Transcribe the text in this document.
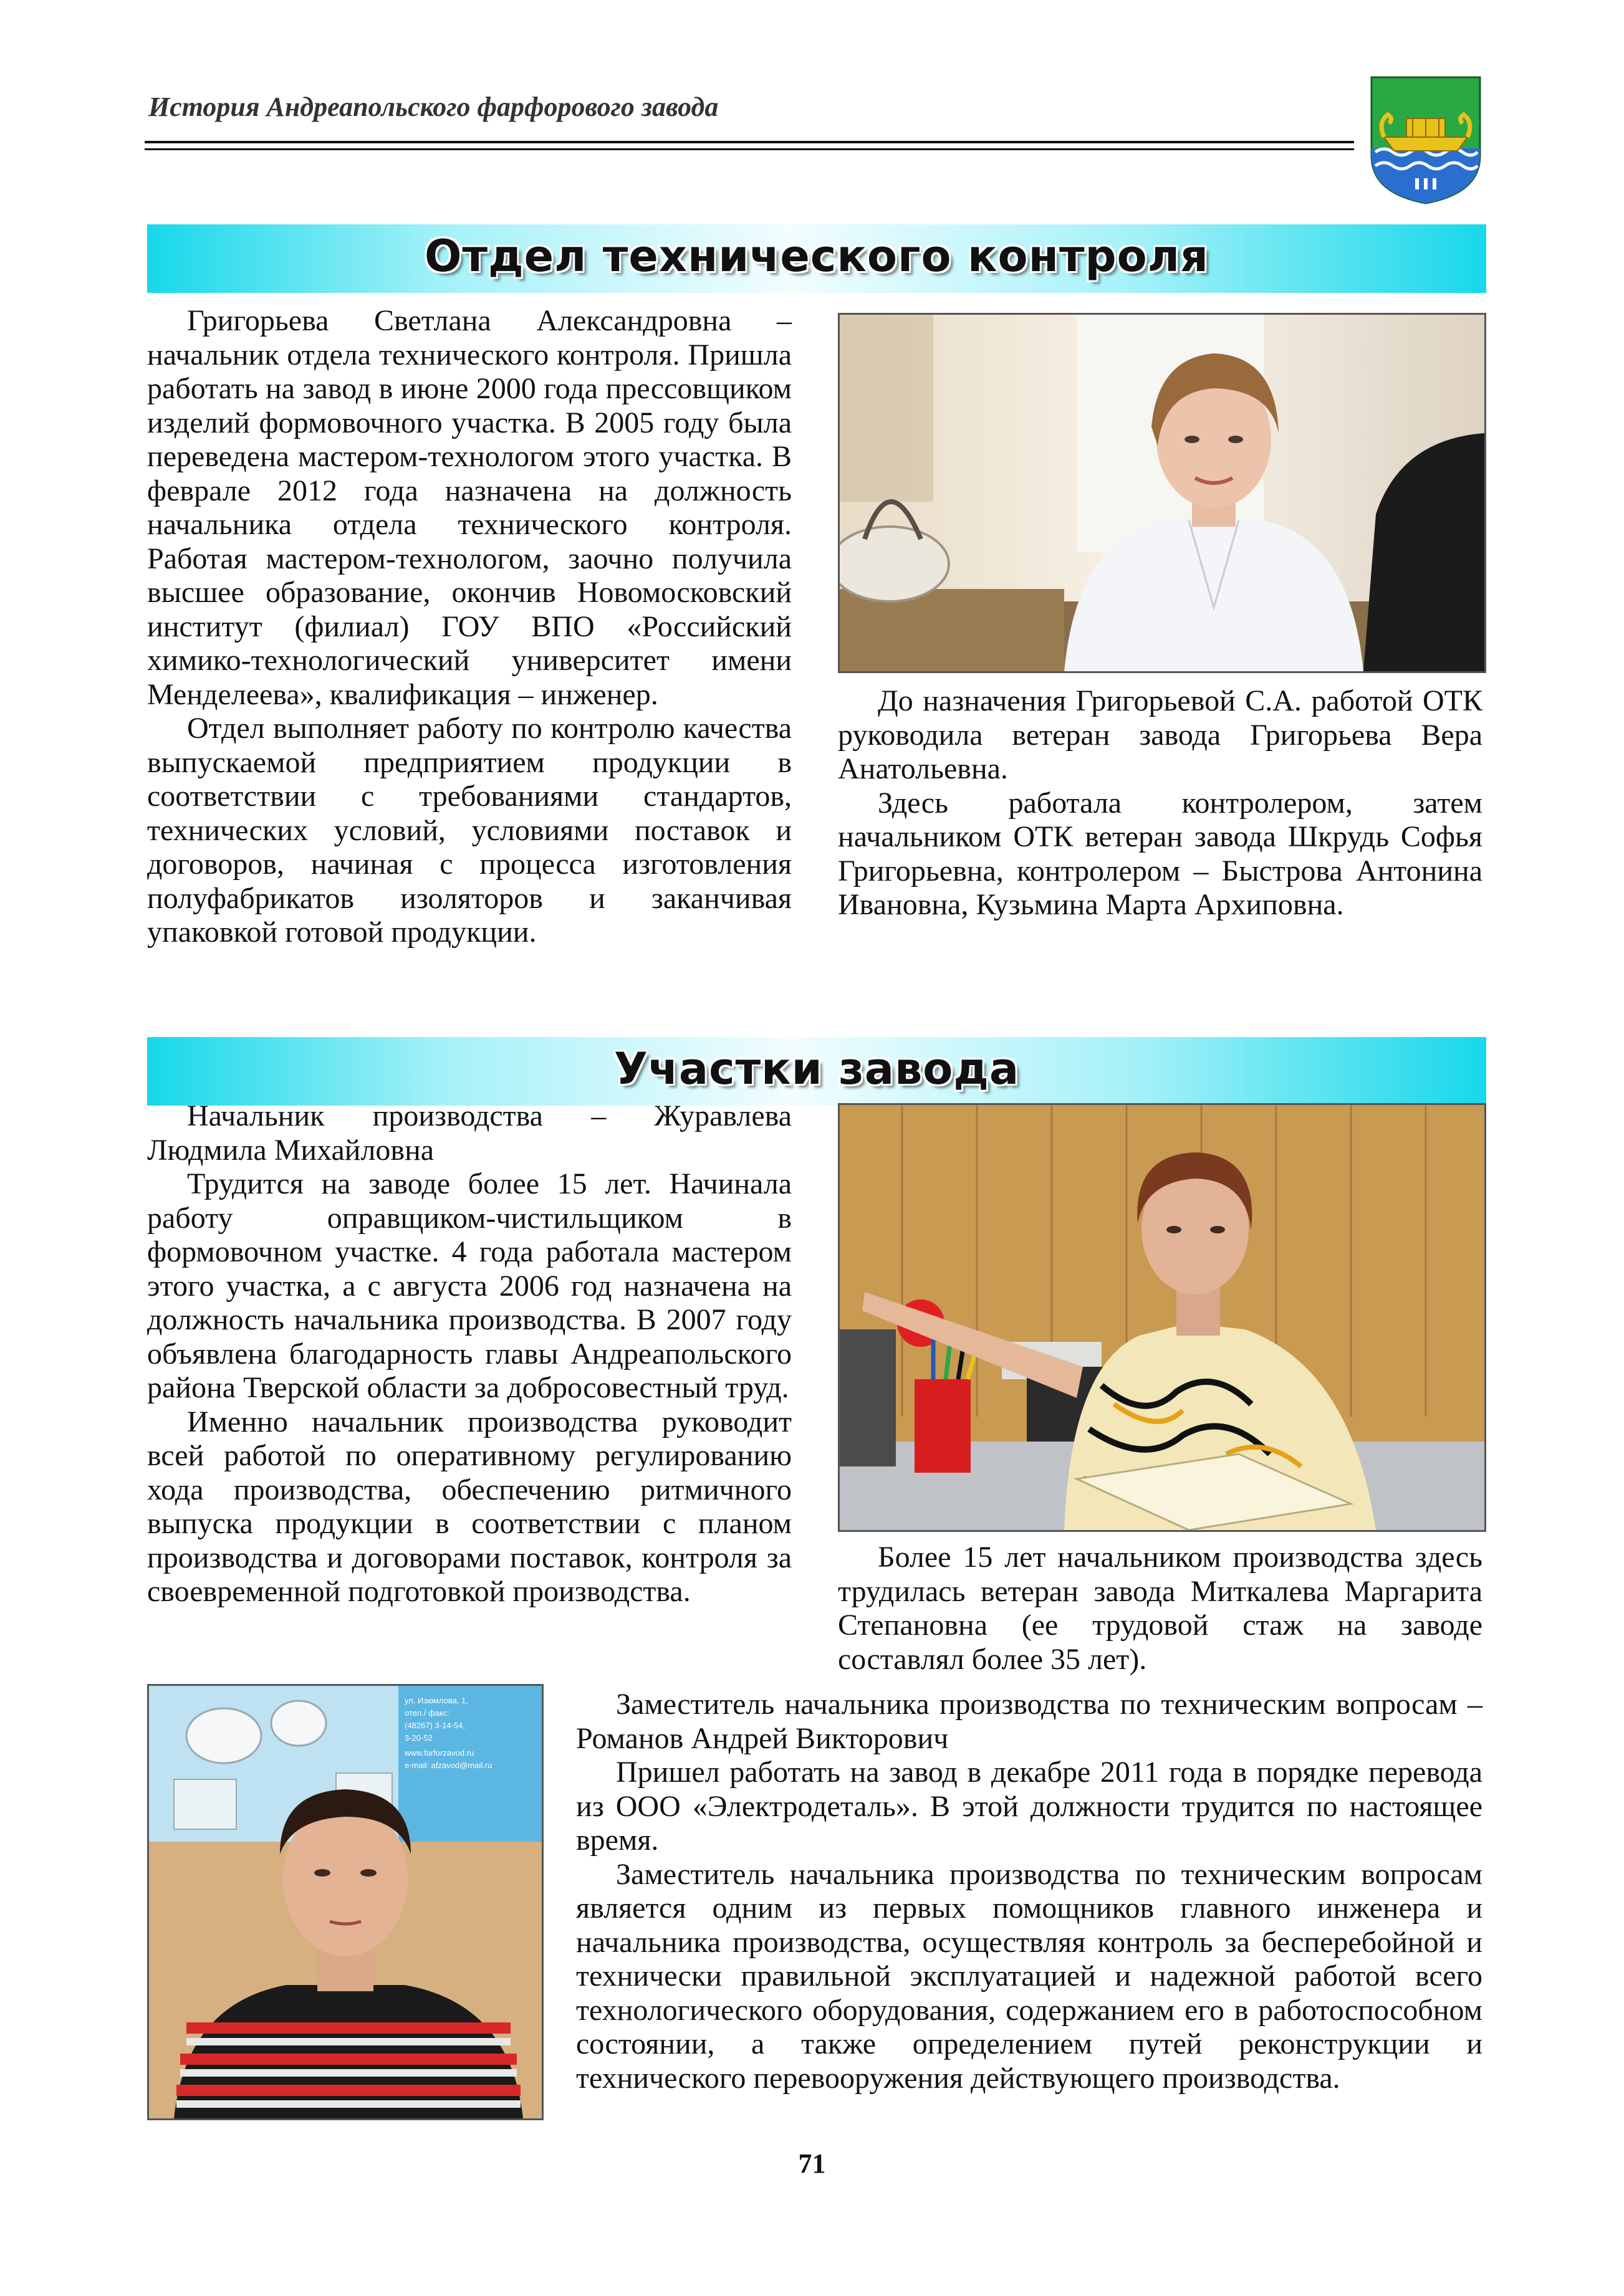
История Андреапольского фарфорового завода
Отдел технического контроля

Григорьева Светлана Александровна – начальник отдела технического контроля. Пришла работать на завод в июне 2000 года прессовщиком изделий формовочного участка. В 2005 году была переведена мастером-технологом этого участка. В феврале 2012 года назначена на должность начальника отдела технического контроля. Работая мастером-технологом, заочно получила высшее образование, окончив Новомосковский институт (филиал) ГОУ ВПО «Российский химико-технологический университет имени Менделеева», квалификация – инженер.

Отдел выполняет работу по контролю качества выпускаемой предприятием продукции в соответствии с требованиями стандартов, технических условий, условиями поставок и договоров, начиная с процесса изготовления полуфабрикатов изоляторов и заканчивая упаковкой готовой продукции.

До назначения Григорьевой С.А. работой ОТК руководила ветеран завода Григорьева Вера Анатольевна.

Здесь работала контролером, затем начальником ОТК ветеран завода Шкрудь Софья Григорьевна, контролером – Быстрова Антонина Ивановна, Кузьмина Марта Архиповна.

Участки завода

Начальник производства – Журавлева Людмила Михайловна

Трудится на заводе более 15 лет. Начинала работу оправщиком-чистильщиком в формовочном участке. 4 года работала мастером этого участка, а с августа 2006 год назначена на должность начальника производства. В 2007 году объявлена благодарность главы Андреапольского района Тверской области за добросовестный труд.

Именно начальник производства руководит всей работой по оперативному регулированию хода производства, обеспечению ритмичного выпуска продукции в соответствии с планом производства и договорами поставок, контроля за своевременной подготовкой производства.

Более 15 лет начальником производства здесь трудилась ветеран завода Миткалева Маргарита Степановна (ее трудовой стаж на заводе составлял более 35 лет).

ул. Изюмлова, 1,
отел./ факс:
(48267) 3-14-54,
3-20-52
www.farforzavod.ru
e-mail: afzavod@mail.ru

Заместитель начальника производства по техническим вопросам – Романов Андрей Викторович

Пришел работать на завод в декабре 2011 года в порядке перевода из ООО «Электродеталь». В этой должности трудится по настоящее время.

Заместитель начальника производства по техническим вопросам является одним из первых помощников главного инженера и начальника производства, осуществляя контроль за бесперебойной и технически правильной эксплуатацией и надежной работой всего технологического оборудования, содержанием его в работоспособном состоянии, а также определением путей реконструкции и технического перевооружения действующего производства.

71
